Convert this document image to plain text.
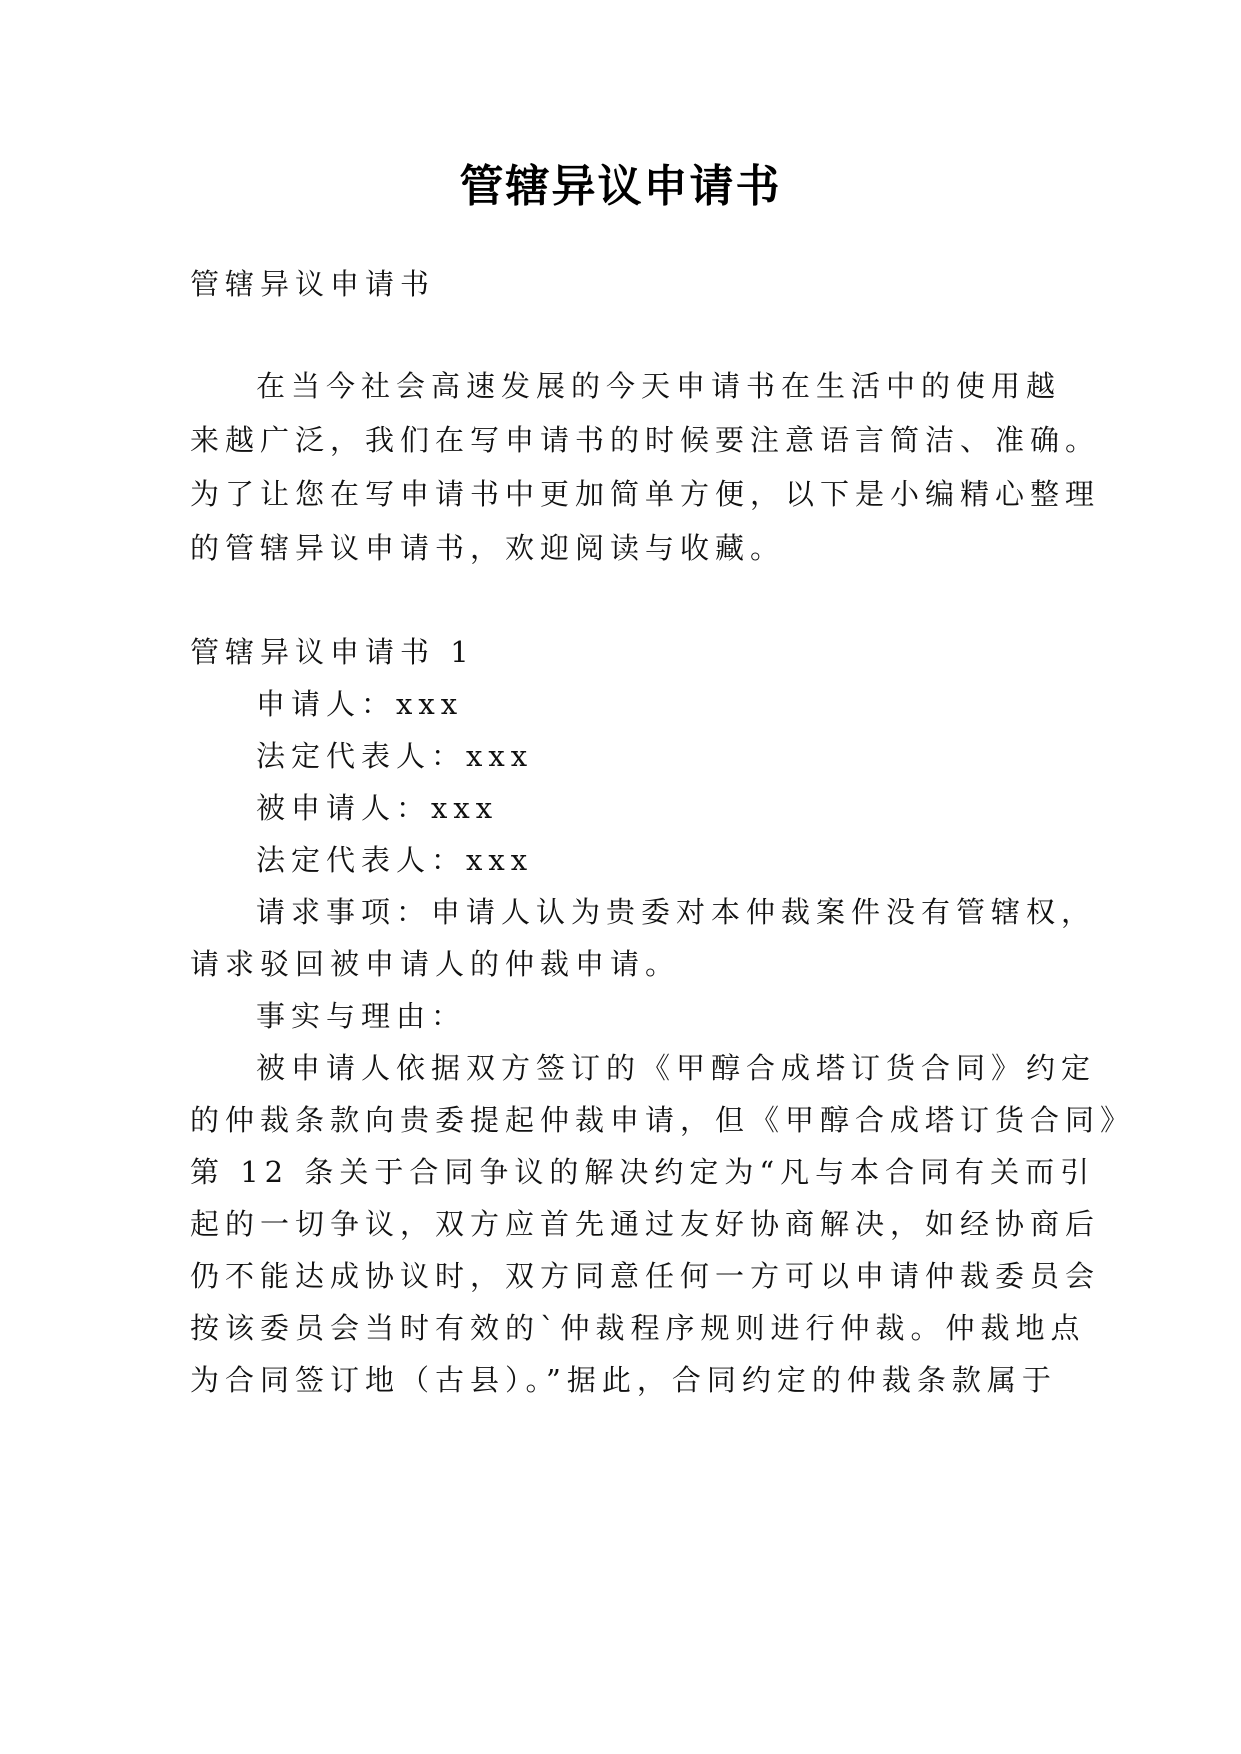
管辖异议申请书
管辖异议申请书
在当今社会高速发展的今天申请书在生活中的使用越
来越广泛，我们在写申请书的时候要注意语言简洁、准确。
为了让您在写申请书中更加简单方便，以下是小编精心整理
的管辖异议申请书，欢迎阅读与收藏。
管辖异议申请书 1
申请人：xxx
法定代表人：xxx
被申请人：xxx
法定代表人：xxx
请求事项：申请人认为贵委对本仲裁案件没有管辖权，
请求驳回被申请人的仲裁申请。
事实与理由：
被申请人依据双方签订的《甲醇合成塔订货合同》约定
的仲裁条款向贵委提起仲裁申请，但《甲醇合成塔订货合同》
第 12 条关于合同争议的解决约定为“凡与本合同有关而引
起的一切争议，双方应首先通过友好协商解决，如经协商后
仍不能达成协议时，双方同意任何一方可以申请仲裁委员会
按该委员会当时有效的`仲裁程序规则进行仲裁。仲裁地点
为合同签订地（古县）。”据此，合同约定的仲裁条款属于
